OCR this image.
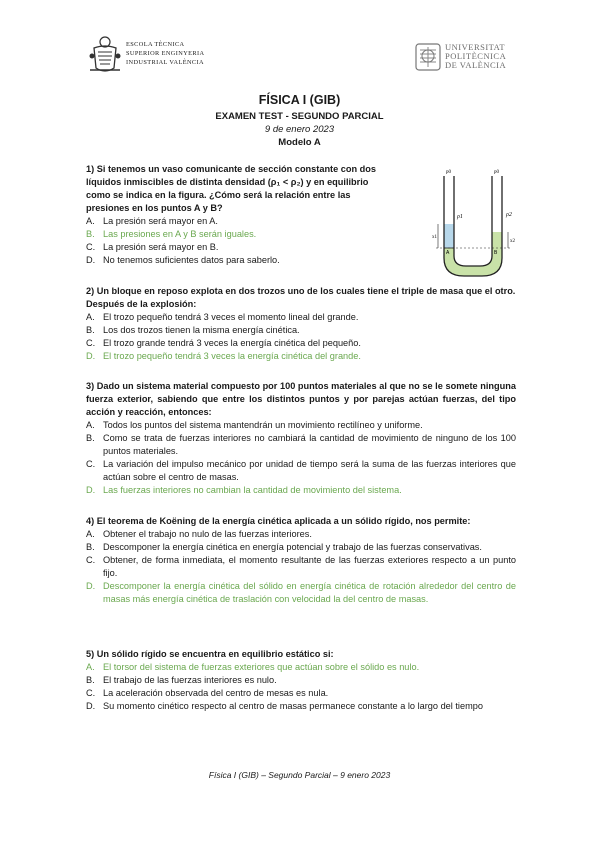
ESCOLA TÈCNICA
SUPERIOR ENGINYERIA
INDUSTRIAL VALÈNCIA
UNIVERSITAT
POLITÈCNICA
DE VALÈNCIA
FÍSICA I (GIB)
EXAMEN TEST - SEGUNDO PARCIAL
9 de enero 2023
Modelo A
p0	p0
ρ1	ρ2
x1
x2
A	B
1) Si tenemos un vaso comunicante de sección constante con dos líquidos inmiscibles de distinta densidad (ρ₁ < ρ₂) y en equilibrio como se indica en la figura. ¿Cómo será la relación entre las presiones en los puntos A y B?
A. La presión será mayor en A.
B. Las presiones en A y B serán iguales.
C. La presión será mayor en B.
D. No tenemos suficientes datos para saberlo.
2) Un bloque en reposo explota en dos trozos uno de los cuales tiene el triple de masa que el otro. Después de la explosión:
A. El trozo pequeño tendrá 3 veces el momento lineal del grande.
B. Los dos trozos tienen la misma energía cinética.
C. El trozo grande tendrá 3 veces la energía cinética del pequeño.
D. El trozo pequeño tendrá 3 veces la energía cinética del grande.
3) Dado un sistema material compuesto por 100 puntos materiales al que no se le somete ninguna fuerza exterior, sabiendo que entre los distintos puntos y por parejas actúan fuerzas, del tipo acción y reacción, entonces:
A. Todos los puntos del sistema mantendrán un movimiento rectilíneo y uniforme.
B. Como se trata de fuerzas interiores no cambiará la cantidad de movimiento de ninguno de los 100 puntos materiales.
C. La variación del impulso mecánico por unidad de tiempo será la suma de las fuerzas interiores que actúan sobre el centro de masas.
D. Las fuerzas interiores no cambian la cantidad de movimiento del sistema.
4) El teorema de Koëning de la energía cinética aplicada a un sólido rígido, nos permite:
A. Obtener el trabajo no nulo de las fuerzas interiores.
B. Descomponer la energía cinética en energía potencial y trabajo de las fuerzas conservativas.
C. Obtener, de forma inmediata, el momento resultante de las fuerzas exteriores respecto a un punto fijo.
D. Descomponer la energía cinética del sólido en energía cinética de rotación alrededor del centro de masas más energía cinética de traslación con velocidad la del centro de masas.
5) Un sólido rígido se encuentra en equilibrio estático si:
A. El torsor del sistema de fuerzas exteriores que actúan sobre el sólido es nulo.
B. El trabajo de las fuerzas interiores es nulo.
C. La aceleración observada del centro de mesas es nula.
D. Su momento cinético respecto al centro de masas permanece constante a lo largo del tiempo
Física I (GIB) – Segundo Parcial – 9 enero 2023
